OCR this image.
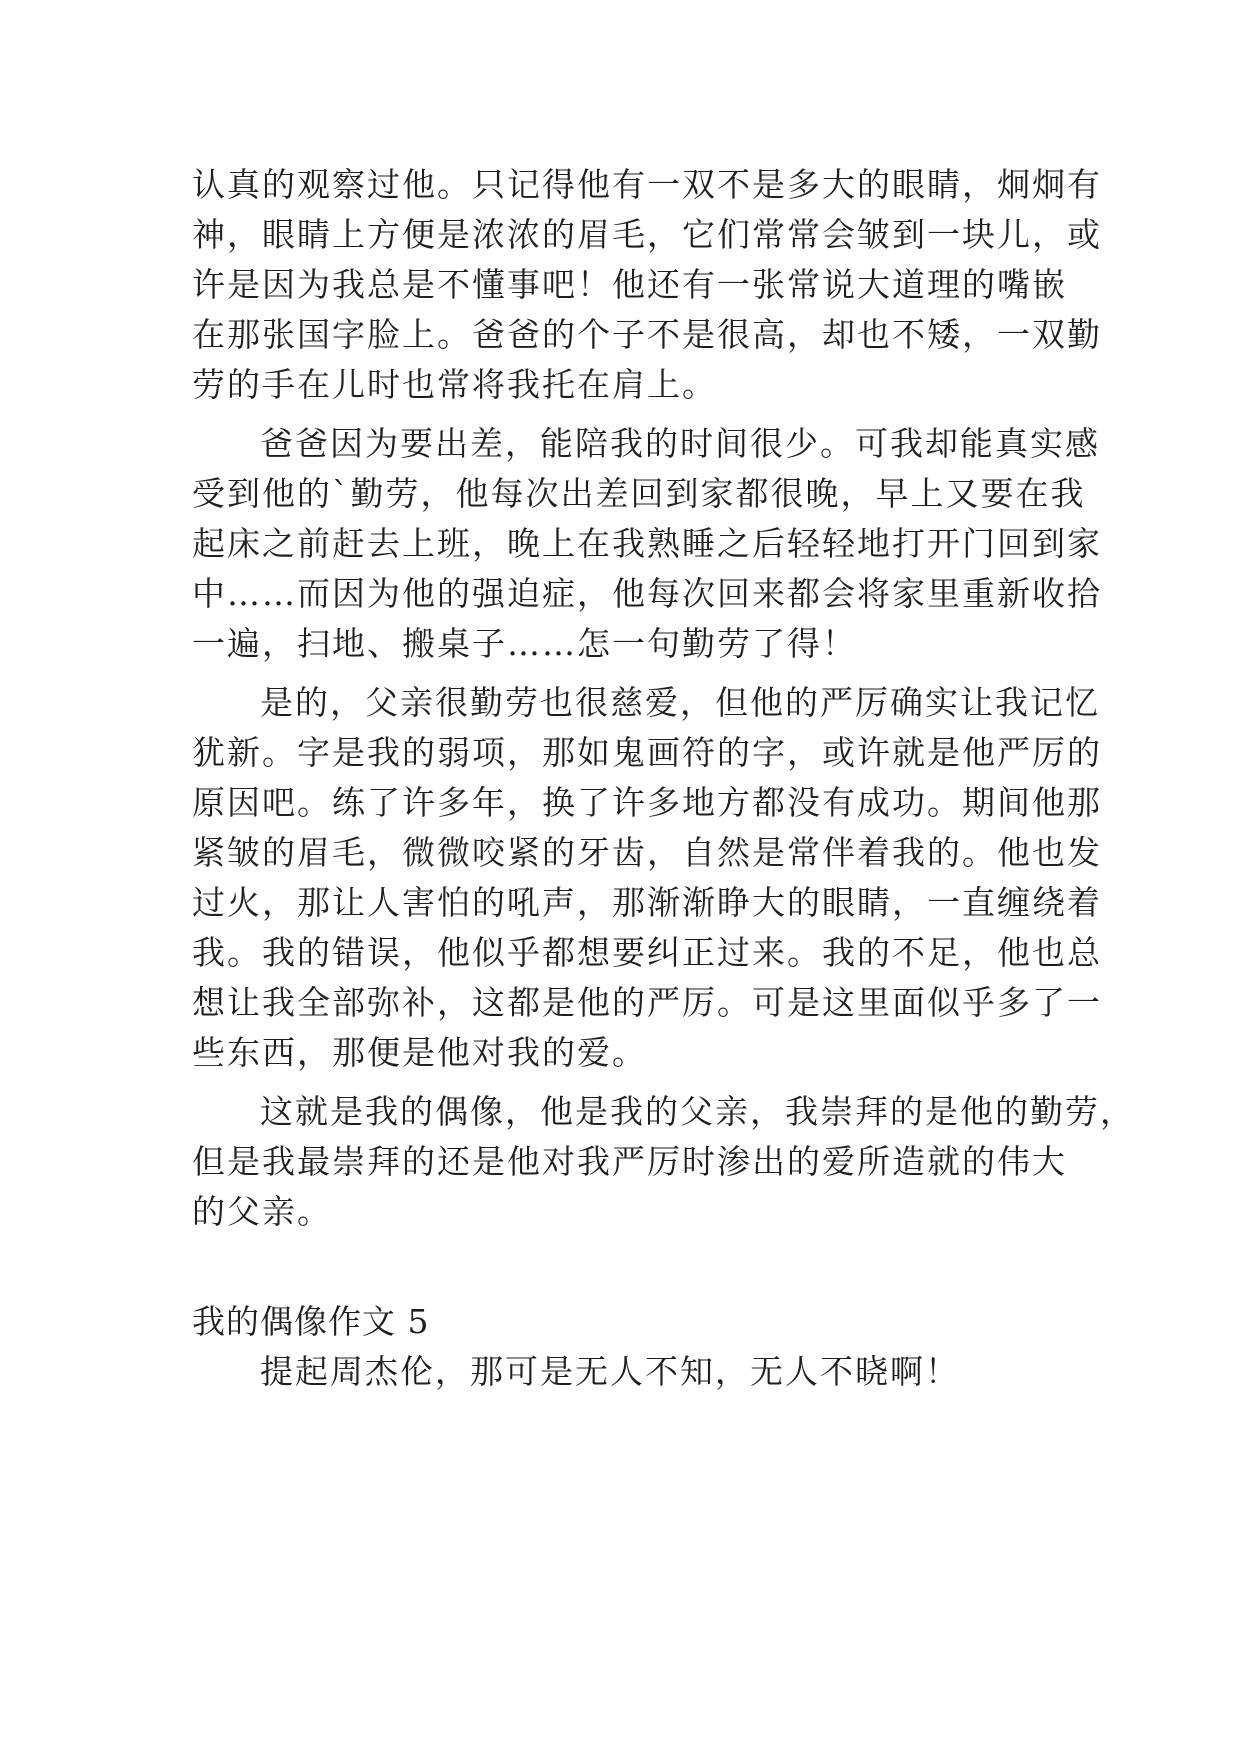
认真的观察过他。只记得他有一双不是多大的眼睛，炯炯有
神，眼睛上方便是浓浓的眉毛，它们常常会皱到一块儿，或
许是因为我总是不懂事吧！他还有一张常说大道理的嘴嵌
在那张国字脸上。爸爸的个子不是很高，却也不矮，一双勤
劳的手在儿时也常将我托在肩上。
爸爸因为要出差，能陪我的时间很少。可我却能真实感
受到他的`勤劳，他每次出差回到家都很晚，早上又要在我
起床之前赶去上班，晚上在我熟睡之后轻轻地打开门回到家
中……而因为他的强迫症，他每次回来都会将家里重新收拾
一遍，扫地、搬桌子……怎一句勤劳了得！
是的，父亲很勤劳也很慈爱，但他的严厉确实让我记忆
犹新。字是我的弱项，那如鬼画符的字，或许就是他严厉的
原因吧。练了许多年，换了许多地方都没有成功。期间他那
紧皱的眉毛，微微咬紧的牙齿，自然是常伴着我的。他也发
过火，那让人害怕的吼声，那渐渐睁大的眼睛，一直缠绕着
我。我的错误，他似乎都想要纠正过来。我的不足，他也总
想让我全部弥补，这都是他的严厉。可是这里面似乎多了一
些东西，那便是他对我的爱。
这就是我的偶像，他是我的父亲，我崇拜的是他的勤劳，
但是我最崇拜的还是他对我严厉时渗出的爱所造就的伟大
的父亲。
我的偶像作文 5
提起周杰伦，那可是无人不知，无人不晓啊！
